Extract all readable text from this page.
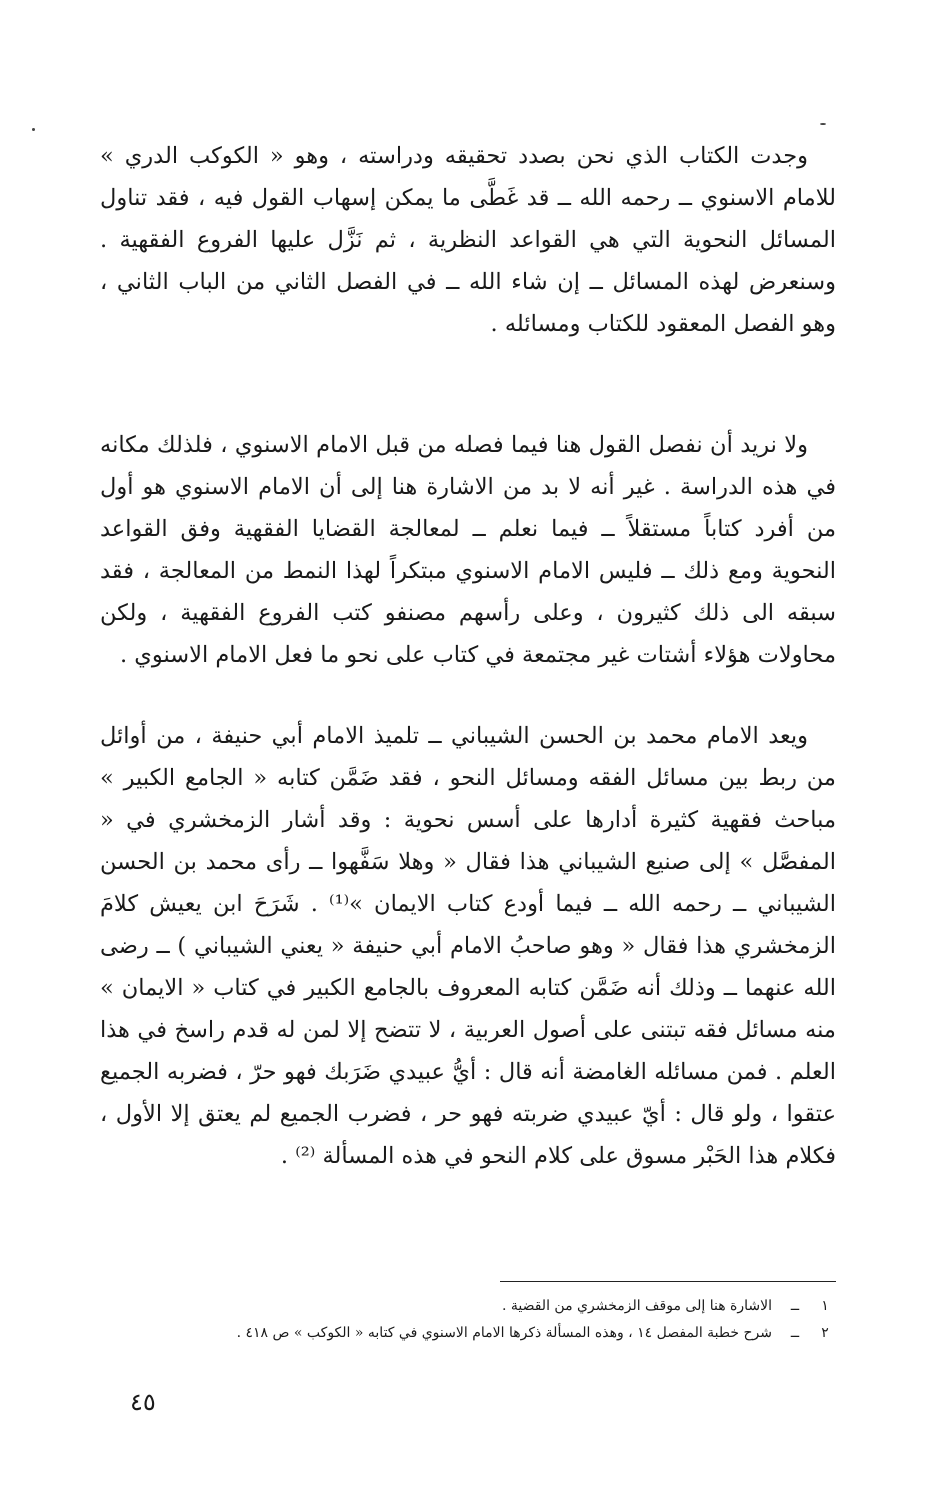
وجدت الكتاب الذي نحن بصدد تحقيقه ودراسته ، وهو « الكوكب الدري » للامام الاسنوي ــ رحمه الله ــ قد غَطَّى ما يمكن إسهاب القول فيه ، فقد تناول المسائل النحوية التي هي القواعد النظرية ، ثم نَزَّل عليها الفروع الفقهية . وسنعرض لهذه المسائل ــ إن شاء الله ــ في الفصل الثاني من الباب الثاني ، وهو الفصل المعقود للكتاب ومسائله .

ولا نريد أن نفصل القول هنا فيما فصله من قبل الامام الاسنوي ، فلذلك مكانه في هذه الدراسة . غير أنه لا بد من الاشارة هنا إلى أن الامام الاسنوي هو أول من أفرد كتاباً مستقلاً ــ فيما نعلم ــ لمعالجة القضايا الفقهية وفق القواعد النحوية ومع ذلك ــ فليس الامام الاسنوي مبتكراً لهذا النمط من المعالجة ، فقد سبقه الى ذلك كثيرون ، وعلى رأسهم مصنفو كتب الفروع الفقهية ، ولكن محاولات هؤلاء أشتات غير مجتمعة في كتاب على نحو ما فعل الامام الاسنوي .

ويعد الامام محمد بن الحسن الشيباني ــ تلميذ الامام أبي حنيفة ، من أوائل من ربط بين مسائل الفقه ومسائل النحو ، فقد ضَمَّن كتابه « الجامع الكبير » مباحث فقهية كثيرة أدارها على أسس نحوية : وقد أشار الزمخشري في « المفصَّل » إلى صنيع الشيباني هذا فقال « وهلا سَفَّهوا ــ رأى محمد بن الحسن الشيباني ــ رحمه الله ــ فيما أودع كتاب الايمان »⁽¹⁾ . شَرَحَ ابن يعيش كلامَ الزمخشري هذا فقال « وهو صاحبُ الامام أبي حنيفة « يعني الشيباني ) ــ رضى الله عنهما ــ وذلك أنه ضَمَّن كتابه المعروف بالجامع الكبير في كتاب « الايمان » منه مسائل فقه تبتنى على أصول العربية ، لا تتضح إلا لمن له قدم راسخ في هذا العلم . فمن مسائله الغامضة أنه قال : أيُّ عبيدي ضَرَبك فهو حرّ ، فضربه الجميع عتقوا ، ولو قال : أيّ عبيدي ضربته فهو حر ، فضرب الجميع لم يعتق إلا الأول ، فكلام هذا الحَبْر مسوق على كلام النحو في هذه المسألة ⁽²⁾ .

١
ــ
الاشارة هنا إلى موقف الزمخشري من القضية .
٢
ــ
شرح خطبة المفصل ١٤ ، وهذه المسألة ذكرها الامام الاسنوي في كتابه « الكوكب » ص ٤١٨ .
٤٥
